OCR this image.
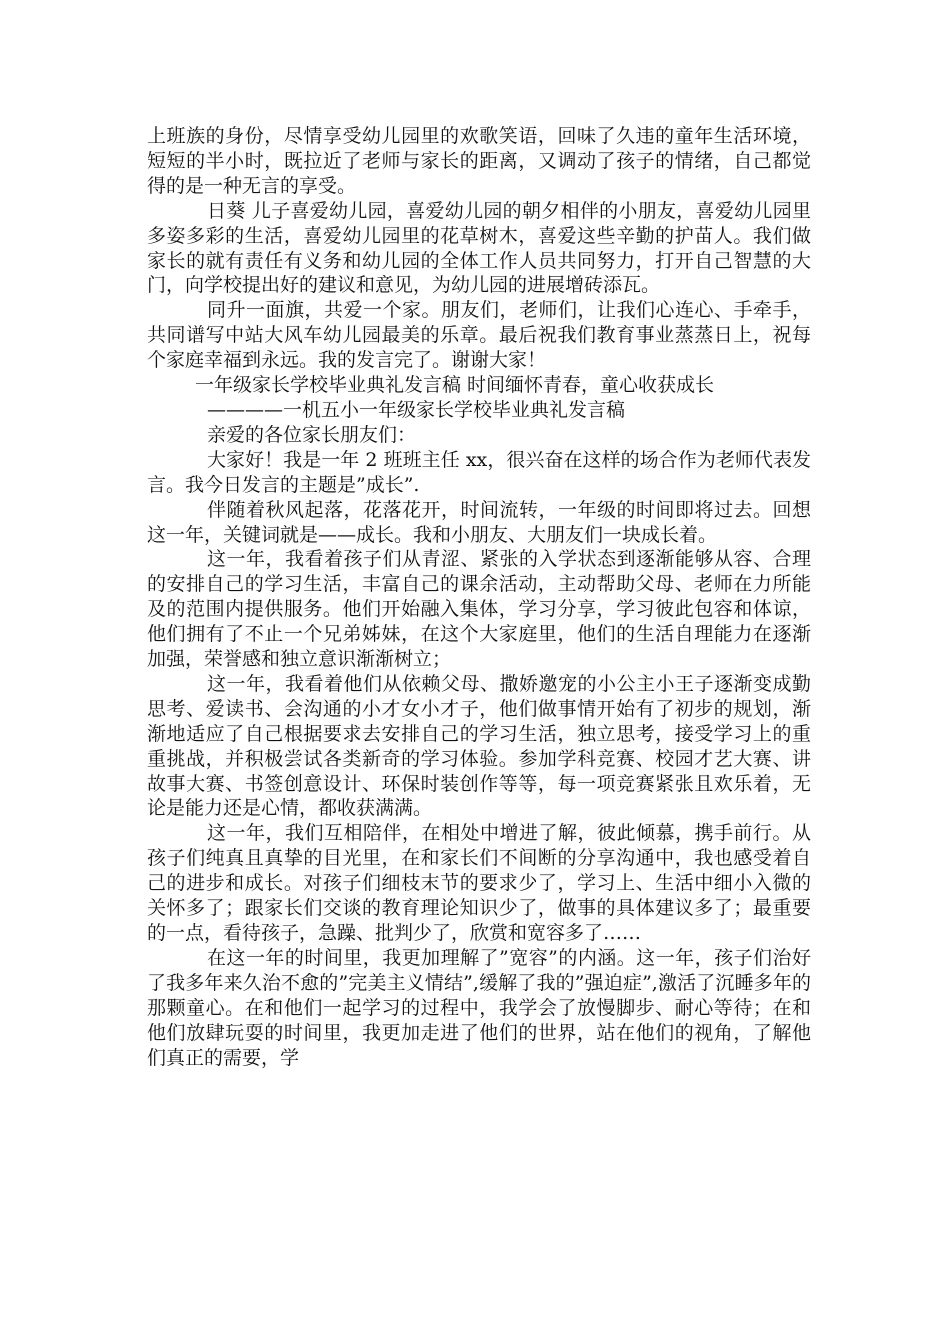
上班族的身份，尽情享受幼儿园里的欢歌笑语，回味了久违的童年生活环境，短短的半小时，既拉近了老师与家长的距离，又调动了孩子的情绪，自己都觉得的是一种无言的享受。

日葵 儿子喜爱幼儿园，喜爱幼儿园的朝夕相伴的小朋友，喜爱幼儿园里多姿多彩的生活，喜爱幼儿园里的花草树木，喜爱这些辛勤的护苗人。我们做家长的就有责任有义务和幼儿园的全体工作人员共同努力，打开自己智慧的大门，向学校提出好的建议和意见，为幼儿园的进展增砖添瓦。

同升一面旗，共爱一个家。朋友们，老师们，让我们心连心、手牵手，共同谱写中站大风车幼儿园最美的乐章。最后祝我们教育事业蒸蒸日上，祝每个家庭幸福到永远。我的发言完了。谢谢大家！

一年级家长学校毕业典礼发言稿 时间缅怀青春，童心收获成长

————一机五小一年级家长学校毕业典礼发言稿

亲爱的各位家长朋友们：

大家好！我是一年 2 班班主任 xx，很兴奋在这样的场合作为老师代表发言。我今日发言的主题是”成长”.

伴随着秋风起落，花落花开，时间流转，一年级的时间即将过去。回想这一年，关键词就是——成长。我和小朋友、大朋友们一块成长着。

这一年，我看着孩子们从青涩、紧张的入学状态到逐渐能够从容、合理的安排自己的学习生活，丰富自己的课余活动，主动帮助父母、老师在力所能及的范围内提供服务。他们开始融入集体，学习分享，学习彼此包容和体谅，他们拥有了不止一个兄弟姊妹，在这个大家庭里，他们的生活自理能力在逐渐加强，荣誉感和独立意识渐渐树立；

这一年，我看着他们从依赖父母、撒娇邀宠的小公主小王子逐渐变成勤思考、爱读书、会沟通的小才女小才子，他们做事情开始有了初步的规划，渐渐地适应了自己根据要求去安排自己的学习生活，独立思考，接受学习上的重重挑战，并积极尝试各类新奇的学习体验。参加学科竞赛、校园才艺大赛、讲故事大赛、书签创意设计、环保时装创作等等，每一项竞赛紧张且欢乐着，无论是能力还是心情，都收获满满。

这一年，我们互相陪伴，在相处中增进了解，彼此倾慕，携手前行。从孩子们纯真且真挚的目光里，在和家长们不间断的分享沟通中，我也感受着自己的进步和成长。对孩子们细枝末节的要求少了，学习上、生活中细小入微的关怀多了；跟家长们交谈的教育理论知识少了，做事的具体建议多了；最重要的一点，看待孩子，急躁、批判少了，欣赏和宽容多了……

在这一年的时间里，我更加理解了”宽容”的内涵。这一年，孩子们治好了我多年来久治不愈的”完美主义情结”,缓解了我的”强迫症”,激活了沉睡多年的那颗童心。在和他们一起学习的过程中，我学会了放慢脚步、耐心等待；在和他们放肆玩耍的时间里，我更加走进了他们的世界，站在他们的视角，了解他们真正的需要，学
